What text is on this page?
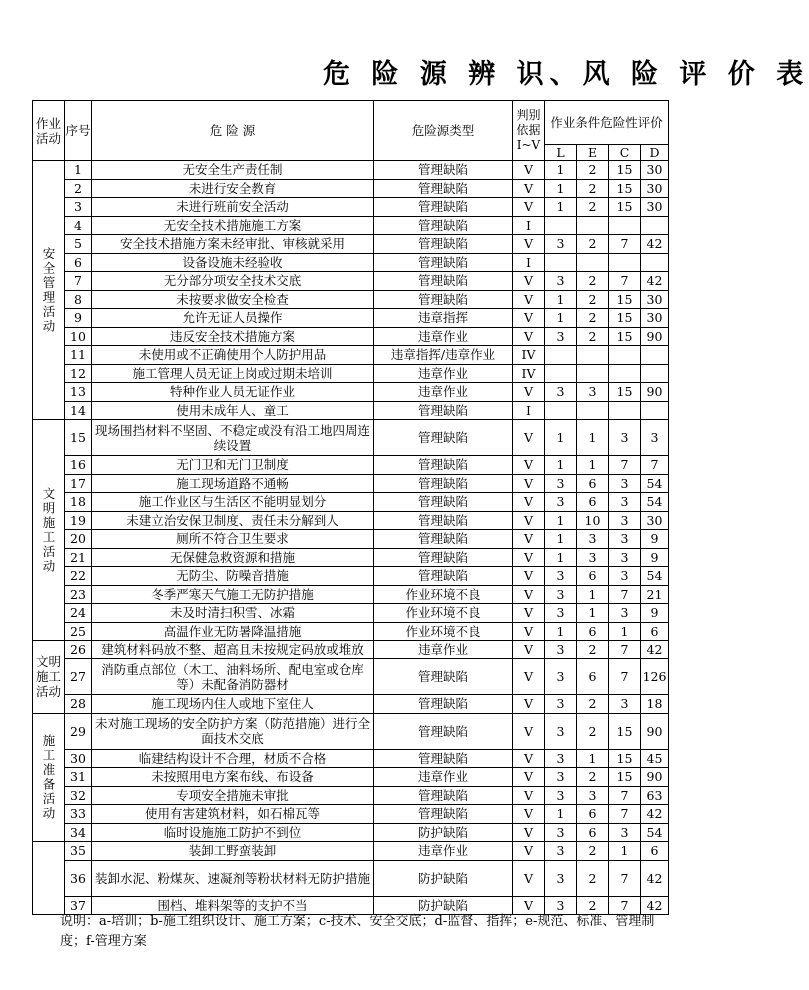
危 险 源 辨 识、风 险 评 价 表
作业活动	序号	危 险 源	危险源类型	判别依据I~V	作业条件危险性评价			
					L	E	C	D
安全管理活动	1	无安全生产责任制	管理缺陷	V	1	2	15	30
	2	未进行安全教育	管理缺陷	V	1	2	15	30
	3	未进行班前安全活动	管理缺陷	V	1	2	15	30
	4	无安全技术措施施工方案	管理缺陷	I				
	5	安全技术措施方案未经审批、审核就采用	管理缺陷	V	3	2	7	42
	6	设备设施未经验收	管理缺陷	I				
	7	无分部分项安全技术交底	管理缺陷	V	3	2	7	42
	8	未按要求做安全检查	管理缺陷	V	1	2	15	30
	9	允许无证人员操作	违章指挥	V	1	2	15	30
	10	违反安全技术措施方案	违章作业	V	3	2	15	90
	11	未使用或不正确使用个人防护用品	违章指挥/违章作业	IV				
	12	施工管理人员无证上岗或过期未培训	违章作业	IV				
	13	特种作业人员无证作业	违章作业	V	3	3	15	90
	14	使用未成年人、童工	管理缺陷	I				
文明施工活动	15	现场围挡材料不坚固、不稳定或没有沿工地四周连续设置	管理缺陷	V	1	1	3	3
	16	无门卫和无门卫制度	管理缺陷	V	1	1	7	7
	17	施工现场道路不通畅	管理缺陷	V	3	6	3	54
	18	施工作业区与生活区不能明显划分	管理缺陷	V	3	6	3	54
	19	未建立治安保卫制度、责任未分解到人	管理缺陷	V	1	10	3	30
	20	厕所不符合卫生要求	管理缺陷	V	1	3	3	9
	21	无保健急救资源和措施	管理缺陷	V	1	3	3	9
	22	无防尘、防噪音措施	管理缺陷	V	3	6	3	54
	23	冬季严寒天气施工无防护措施	作业环境不良	V	3	1	7	21
	24	未及时清扫积雪、冰霜	作业环境不良	V	3	1	3	9
	25	高温作业无防暑降温措施	作业环境不良	V	1	6	1	6
文明施工活动	26	建筑材料码放不整、超高且未按规定码放或堆放	违章作业	V	3	2	7	42
	27	消防重点部位（木工、油料场所、配电室或仓库等）未配备消防器材	管理缺陷	V	3	6	7	126
	28	施工现场内住人或地下室住人	管理缺陷	V	3	2	3	18
施工准备活动	29	未对施工现场的安全防护方案（防范措施）进行全面技术交底	管理缺陷	V	3	2	15	90
	30	临建结构设计不合理，材质不合格	管理缺陷	V	3	1	15	45
	31	未按照用电方案布线、布设备	违章作业	V	3	2	15	90
	32	专项安全措施未审批	管理缺陷	V	3	3	7	63
	33	使用有害建筑材料，如石棉瓦等	管理缺陷	V	1	6	7	42
	34	临时设施施工防护不到位	防护缺陷	V	3	6	3	54
	35	装卸工野蛮装卸	违章作业	V	3	2	1	6
	36	装卸水泥、粉煤灰、速凝剂等粉状材料无防护措施	防护缺陷	V	3	2	7	42
	37	围档、堆料架等的支护不当	防护缺陷	V	3	2	7	42
说明：a-培训；b-施工组织设计、施工方案；c-技术、安全交底；d-监督、指挥；e-规范、标准、管理制度；f-管理方案
